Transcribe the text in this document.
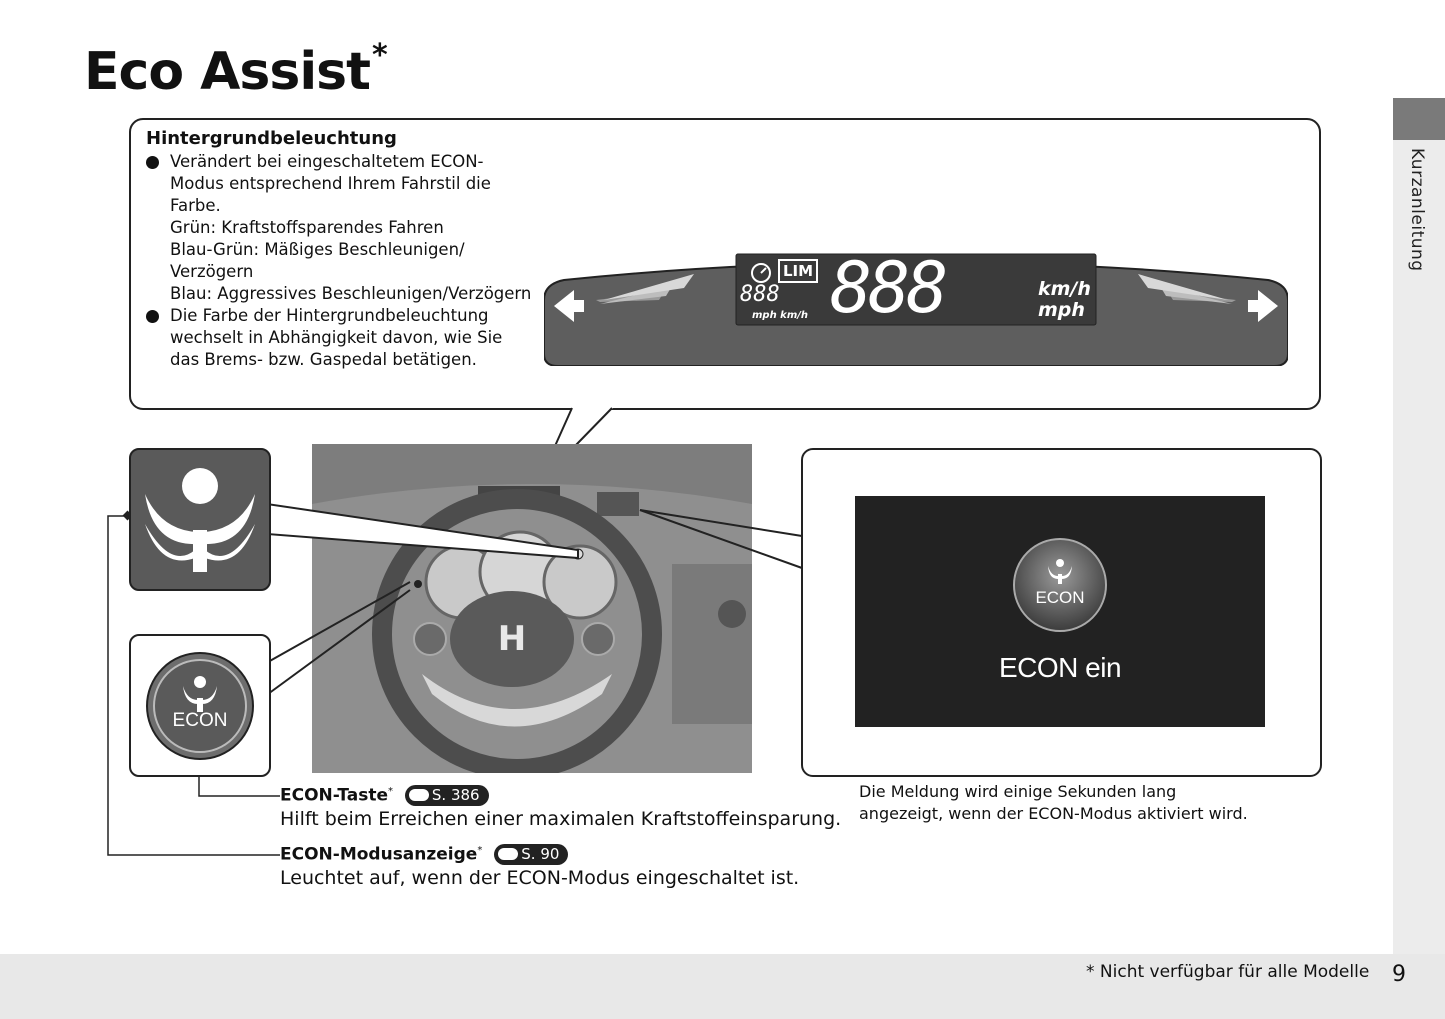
Eco Assist*
Kurzanleitung
Hintergrundbeleuchtung
Verändert bei eingeschaltetem ECON-
Modus entsprechend Ihrem Fahrstil die
Farbe.
Grün: Kraftstoffsparendes Fahren
Blau-Grün: Mäßiges Beschleunigen/
Verzögern
Blau: Aggressives Beschleunigen/Verzögern
Die Farbe der Hintergrundbeleuchtung
wechselt in Abhängigkeit davon, wie Sie
das Brems- bzw. Gaspedal betätigen.
LIM
888
mph km/h 888	km/h
mph
H
ECON
ECON
ECON ein
Die Meldung wird einige Sekunden lang
angezeigt, wenn der ECON-Modus aktiviert wird.
ECON-Taste*	S. 386
Hilft beim Erreichen einer maximalen Kraftstoffeinsparung.
ECON-Modusanzeige*	S. 90
Leuchtet auf, wenn der ECON-Modus eingeschaltet ist.
* Nicht verfügbar für alle Modelle 9
